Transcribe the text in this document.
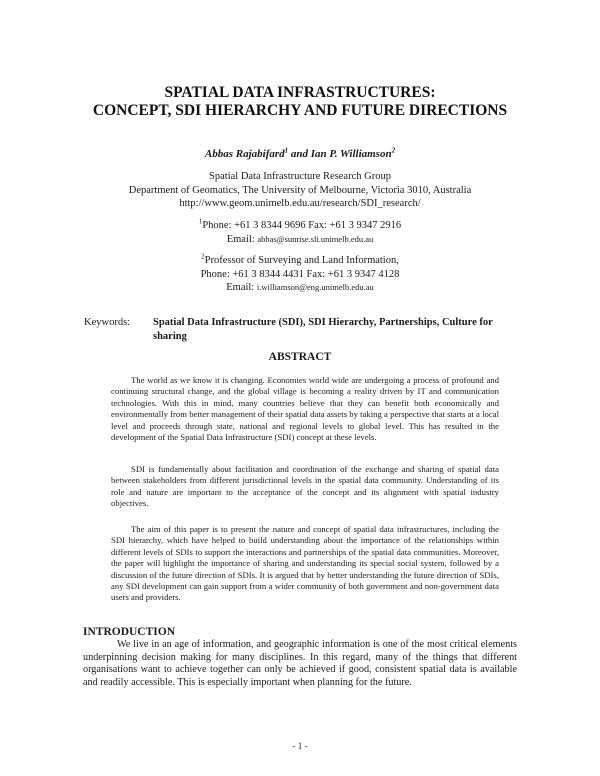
SPATIAL DATA INFRASTRUCTURES:
CONCEPT, SDI HIERARCHY AND FUTURE DIRECTIONS
Abbas Rajabifard$^1$ and Ian P. Williamson$^2$
Spatial Data Infrastructure Research Group
Department of Geomatics, The University of Melbourne, Victoria 3010, Australia
http://www.geom.unimelb.edu.au/research/SDI_research/
$^1$Phone: +61 3 8344 9696 Fax: +61 3 9347 2916
Email: abbas@sunrise.sli.unimelb.edu.au
$^2$Professor of Surveying and Land Information,
Phone: +61 3 8344 4431 Fax: +61 3 9347 4128
Email: i.williamson@eng.unimelb.edu.au
Keywords: Spatial Data Infrastructure (SDI), SDI Hierarchy, Partnerships, Culture for sharing
ABSTRACT
The world as we know it is changing. Economies world wide are undergoing a process of profound and continuing structural change, and the global village is becoming a reality driven by IT and communication technologies. With this in mind, many countries believe that they can benefit both economically and environmentally from better management of their spatial data assets by taking a perspective that starts at a local level and proceeds through state, national and regional levels to global level. This has resulted in the development of the Spatial Data Infrastructure (SDI) concept at these levels.
SDI is fundamentally about facilitation and coordination of the exchange and sharing of spatial data between stakeholders from different jurisdictional levels in the spatial data community. Understanding of its role and nature are important to the acceptance of the concept and its alignment with spatial industry objectives.
The aim of this paper is to present the nature and concept of spatial data infrastructures, including the SDI hierarchy, which have helped to build understanding about the importance of the relationships within different levels of SDIs to support the interactions and partnerships of the spatial data communities. Moreover, the paper will highlight the importance of sharing and understanding its special social system, followed by a discussion of the future direction of SDIs. It is argued that by better understanding the future direction of SDIs, any SDI development can gain support from a wider community of both government and non-government data users and providers.
INTRODUCTION
We live in an age of information, and geographic information is one of the most critical elements underpinning decision making for many disciplines. In this regard, many of the things that different organisations want to achieve together can only be achieved if good, consistent spatial data is available and readily accessible. This is especially important when planning for the future.
- 1 -
